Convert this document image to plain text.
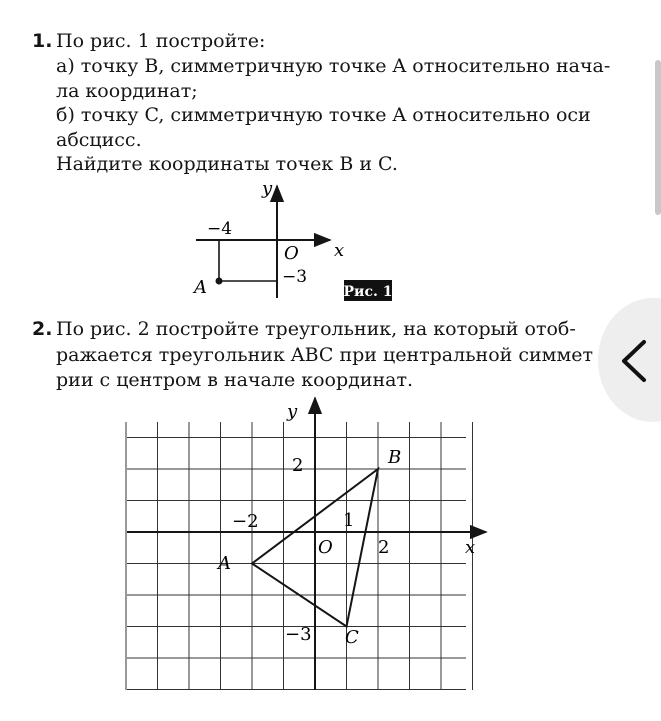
1. По рис. 1 постройте:
а) точку B, симметричную точке A относительно нача-
ла координат;
б) точку C, симметричную точке A относительно оси
абсцисс.
Найдите координаты точек B и C.
y
x
O
−4
−3
A	Рис. 1
2. По рис. 2 постройте треугольник, на который отоб-
ражается треугольник ABC при центральной симмет
рии с центром в начале координат.
y
x
O
−2
2
2
1
−3
A
B
C
